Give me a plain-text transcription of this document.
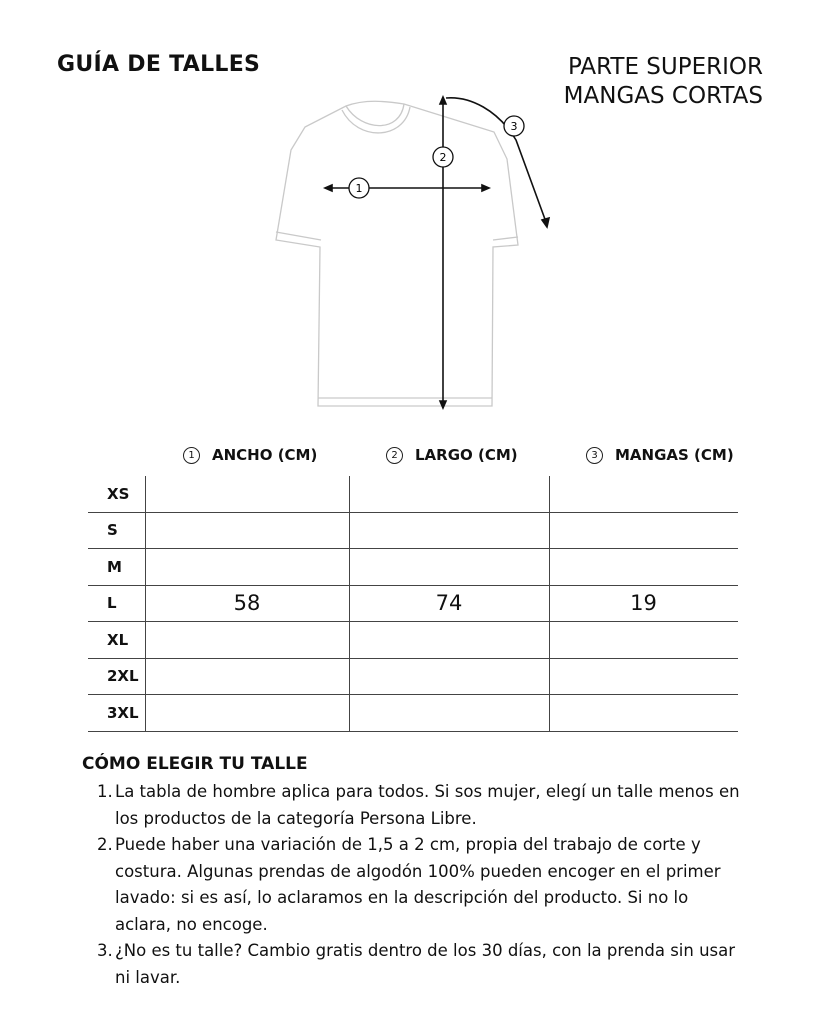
GUÍA DE TALLES	PARTE SUPERIOR
MANGAS CORTAS
1
2
3
1	ANCHO (CM)	2	LARGO (CM)	3	MANGAS (CM)
XS			
S			
M			
L	58	74	19
XL			
2XL			
3XL			
CÓMO ELEGIR TU TALLE
1. La tabla de hombre aplica para todos. Si sos mujer, elegí un talle menos en los productos de la categoría Persona Libre.
2. Puede haber una variación de 1,5 a 2 cm, propia del trabajo de corte y costura. Algunas prendas de algodón 100% pueden encoger en el primer lavado: si es así, lo aclaramos en la descripción del producto. Si no lo aclara, no encoge.
3. ¿No es tu talle? Cambio gratis dentro de los 30 días, con la prenda sin usar ni lavar.
